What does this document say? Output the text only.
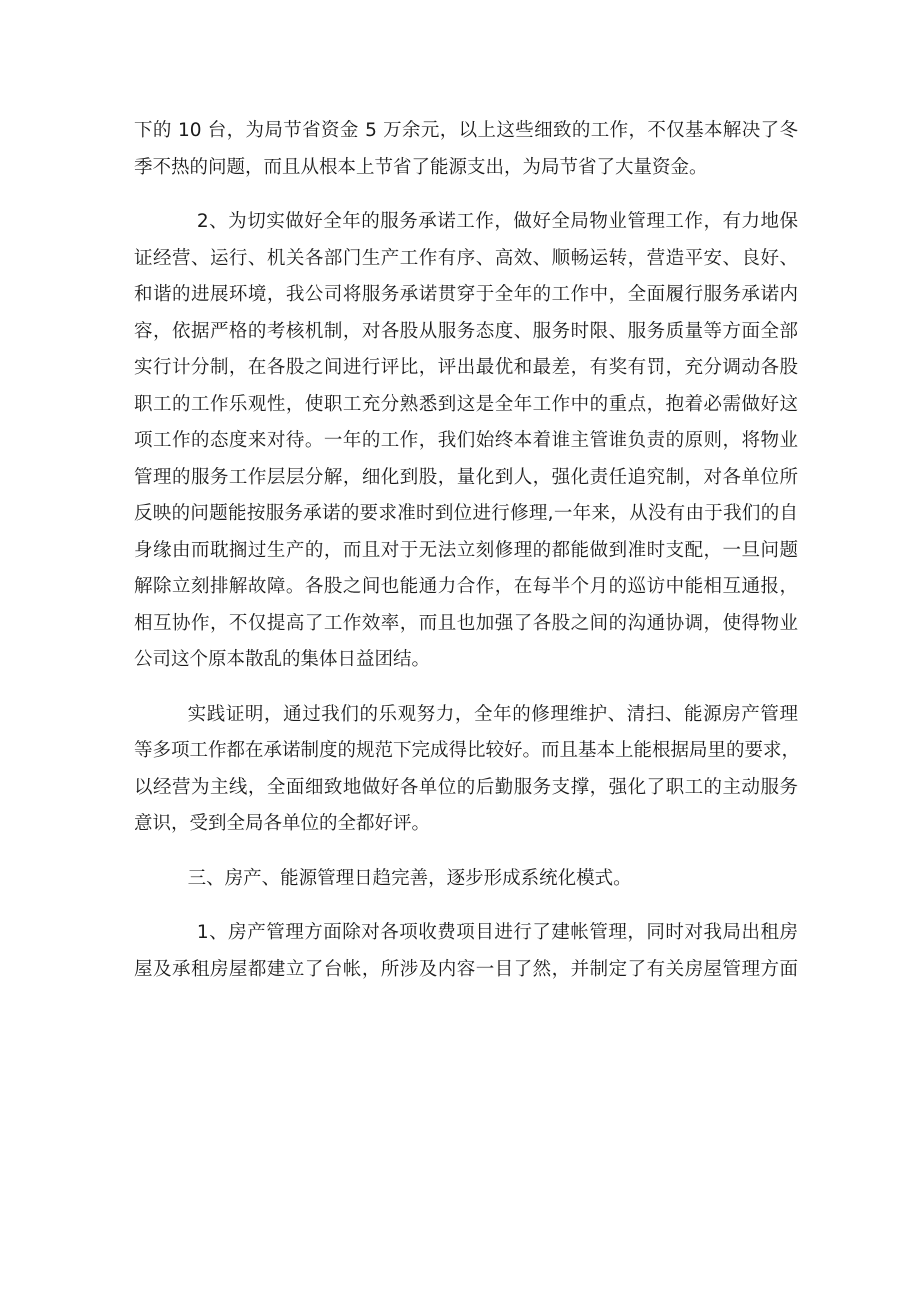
下的 10 台，为局节省资金 5 万余元，以上这些细致的工作，不仅基本解决了冬
季不热的问题，而且从根本上节省了能源支出，为局节省了大量资金。
2、为切实做好全年的服务承诺工作，做好全局物业管理工作，有力地保
证经营、运行、机关各部门生产工作有序、高效、顺畅运转，营造平安、良好、
和谐的进展环境，我公司将服务承诺贯穿于全年的工作中，全面履行服务承诺内
容，依据严格的考核机制，对各股从服务态度、服务时限、服务质量等方面全部
实行计分制，在各股之间进行评比，评出最优和最差，有奖有罚，充分调动各股
职工的工作乐观性，使职工充分熟悉到这是全年工作中的重点，抱着必需做好这
项工作的态度来对待。一年的工作，我们始终本着谁主管谁负责的原则，将物业
管理的服务工作层层分解，细化到股，量化到人，强化责任追究制，对各单位所
反映的问题能按服务承诺的要求准时到位进行修理,一年来，从没有由于我们的自
身缘由而耽搁过生产的，而且对于无法立刻修理的都能做到准时支配，一旦问题
解除立刻排解故障。各股之间也能通力合作，在每半个月的巡访中能相互通报，
相互协作，不仅提高了工作效率，而且也加强了各股之间的沟通协调，使得物业
公司这个原本散乱的集体日益团结。
实践证明，通过我们的乐观努力，全年的修理维护、清扫、能源房产管理
等多项工作都在承诺制度的规范下完成得比较好。而且基本上能根据局里的要求，
以经营为主线，全面细致地做好各单位的后勤服务支撑，强化了职工的主动服务
意识，受到全局各单位的全都好评。
三、房产、能源管理日趋完善，逐步形成系统化模式。
1、房产管理方面除对各项收费项目进行了建帐管理，同时对我局出租房
屋及承租房屋都建立了台帐，所涉及内容一目了然，并制定了有关房屋管理方面
